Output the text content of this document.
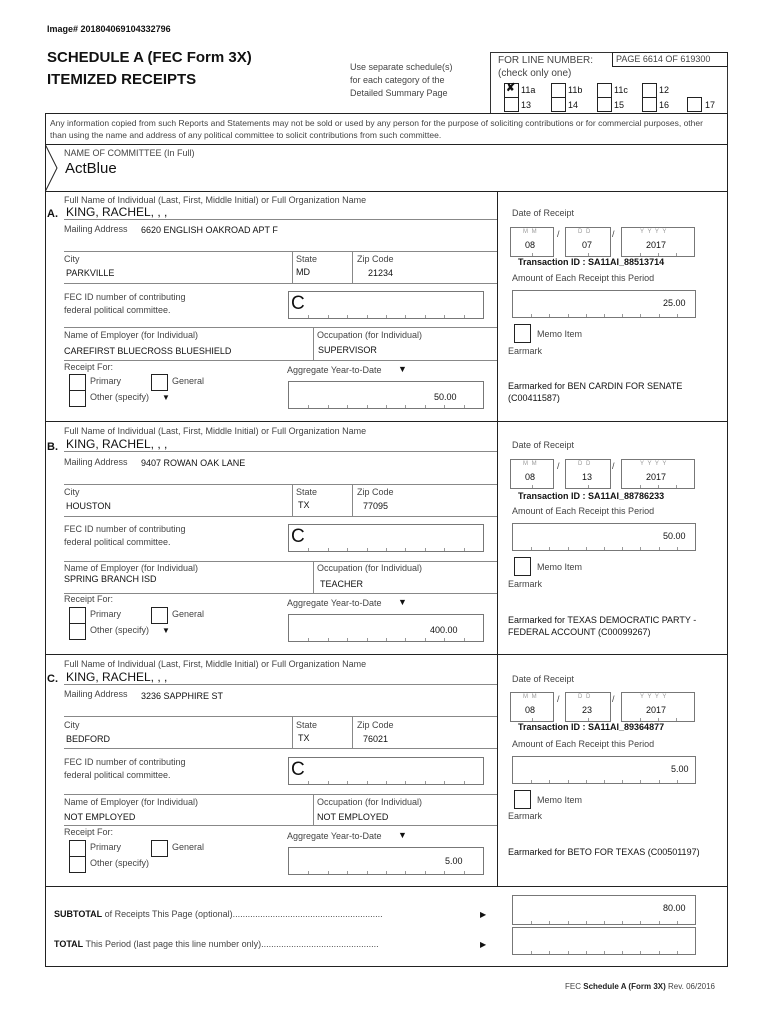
Image# 201804069104332796
SCHEDULE A (FEC Form 3X)
ITEMIZED RECEIPTS
Use separate schedule(s)
for each category of the
Detailed Summary Page
FOR LINE NUMBER:	PAGE 6614 OF 619300
(check only one)
✘ 11a	11b	11c	12
13	14	15	16	17
Any information copied from such Reports and Statements may not be sold or used by any person for the purpose of soliciting contributions or for commercial purposes, other than using the name and address of any political committee to solicit contributions from such committee.
NAME OF COMMITTEE (In Full)
ActBlue
Full Name of Individual (Last, First, Middle Initial) or Full Organization Name
A. KING, RACHEL, , ,
Mailing Address 6620 ENGLISH OAKROAD APT F
City
PARKVILLE
State
MD
Zip Code
21234
FEC ID number of contributing
federal political committee.	C
Name of Employer (for Individual)
CAREFIRST BLUECROSS BLUESHIELD
Occupation (for Individual)
SUPERVISOR
Receipt For:
Primary	General
Other (specify) ▼
Aggregate Year-to-Date ▼
50.00
Date of Receipt
M M
08
/	D D
07
/	Y Y Y Y
2017
Transaction ID : SA11AI_88513714
Amount of Each Receipt this Period
25.00
Memo Item
Earmark
Earmarked for BEN CARDIN FOR SENATE (C00411587)
Full Name of Individual (Last, First, Middle Initial) or Full Organization Name
B. KING, RACHEL, , ,
Mailing Address 9407 ROWAN OAK LANE
City
HOUSTON
State
TX
Zip Code
77095
FEC ID number of contributing
federal political committee.	C
Name of Employer (for Individual)
SPRING BRANCH ISD
Occupation (for Individual)
TEACHER
Receipt For:
Primary	General
Other (specify) ▼
Aggregate Year-to-Date ▼
400.00
Date of Receipt
M M
08
/	D D
13
/	Y Y Y Y
2017
Transaction ID : SA11AI_88786233
Amount of Each Receipt this Period
50.00
Memo Item
Earmark
Earmarked for TEXAS DEMOCRATIC PARTY - FEDERAL ACCOUNT (C00099267)
Full Name of Individual (Last, First, Middle Initial) or Full Organization Name
C. KING, RACHEL, , ,
Mailing Address 3236 SAPPHIRE ST
City
BEDFORD
State
TX
Zip Code
76021
FEC ID number of contributing
federal political committee.	C
Name of Employer (for Individual)
NOT EMPLOYED
Occupation (for Individual)
NOT EMPLOYED
Receipt For:
Primary	General
Other (specify)
Aggregate Year-to-Date ▼
5.00
Date of Receipt
M M
08
/	D D
23
/	Y Y Y Y
2017
Transaction ID : SA11AI_89364877
Amount of Each Receipt this Period
5.00
Memo Item
Earmark
Earmarked for BETO FOR TEXAS (C00501197)
SUBTOTAL of Receipts This Page (optional)............................................................	▶
80.00
TOTAL This Period (last page this line number only)...............................................	▶
FEC Schedule A (Form 3X) Rev. 06/2016
